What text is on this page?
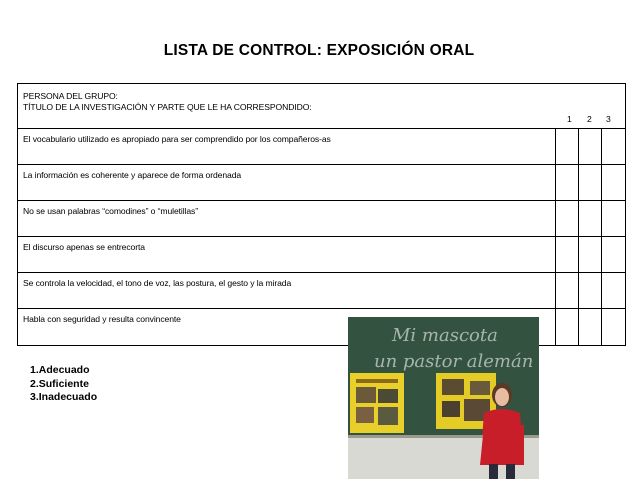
LISTA DE CONTROL: EXPOSICIÓN ORAL
PERSONA DEL GRUPO:
TÍTULO DE LA INVESTIGACIÓN Y PARTE QUE LE HA CORRESPONDIDO:
1 2 3
El vocabulario utilizado es apropiado para ser comprendido por los compañeros-as
La información es coherente y aparece de forma ordenada
No se usan palabras “comodines” o “muletillas”
El discurso apenas se entrecorta
Se controla la velocidad, el tono de voz, las postura, el gesto y la mirada
Habla con seguridad y resulta convincente
1.Adecuado
2.Suficiente
3.Inadecuado
Mi mascota
un pastor alemán
